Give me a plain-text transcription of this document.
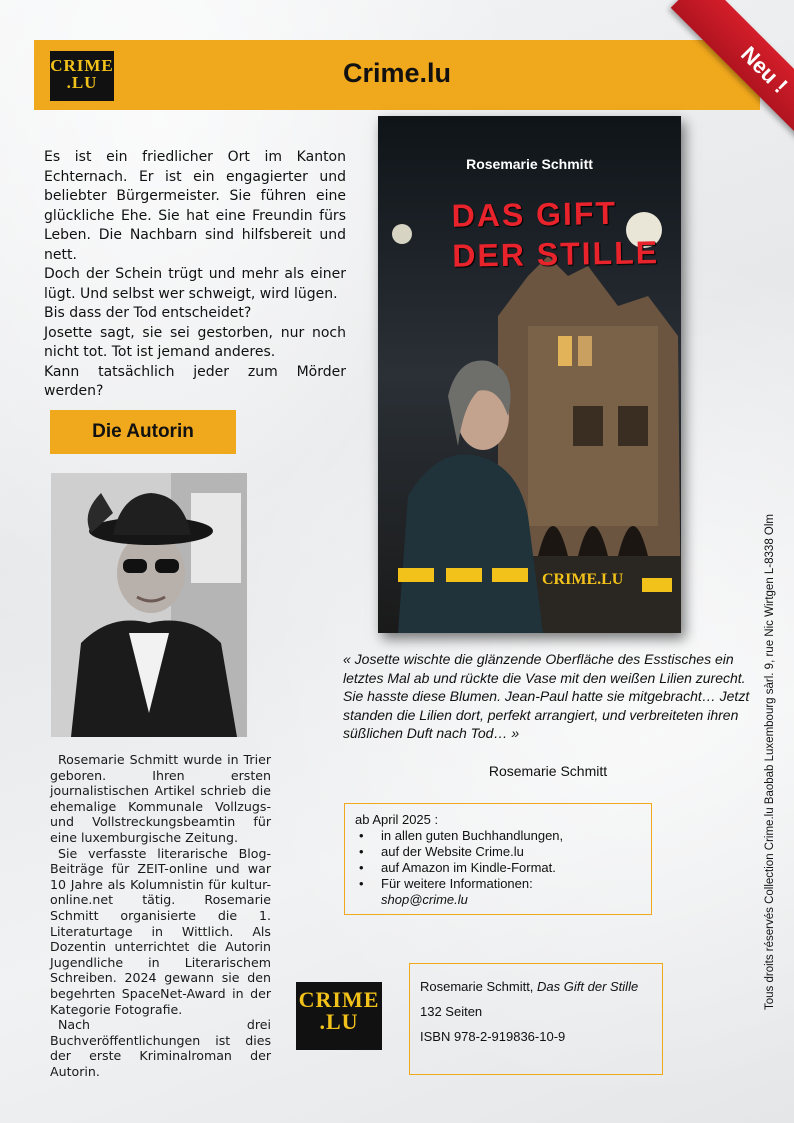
CRIME
.LU	Crime.lu	Neu !

Es ist ein friedlicher Ort im Kanton Echternach. Er ist ein engagierter und beliebter Bürgermeister. Sie führen eine glückliche Ehe. Sie hat eine Freundin fürs Leben. Die Nachbarn sind hilfsbereit und nett.

Doch der Schein trügt und mehr als einer lügt. Und selbst wer schweigt, wird lügen.

Bis dass der Tod entscheidet?

Josette sagt, sie sei gestorben, nur noch nicht tot. Tot ist jemand anderes.

Kann tatsächlich jeder zum Mörder werden?

Die Autorin

Rosemarie Schmitt wurde in Trier geboren. Ihren ersten journalistischen Artikel schrieb die ehemalige Kommunale Vollzugs- und Vollstreckungsbeamtin für eine luxemburgische Zeitung.

Sie verfasste literarische Blog-Beiträge für ZEIT-online und war 10 Jahre als Kolumnistin für kultur-online.net tätig. Rosemarie Schmitt organisierte die 1. Literaturtage in Wittlich. Als Dozentin unterrichtet die Autorin Jugendliche in Literarischem Schreiben. 2024 gewann sie den begehrten SpaceNet-Award in der Kategorie Fotografie.

Nach drei Buchveröffentlichungen ist dies der erste Kriminalroman der Autorin.

Rosemarie Schmitt
DAS GIFT
DER STILLE
CRIME.LU
« Josette wischte die glänzende Oberfläche des Esstisches ein letztes Mal ab und rückte die Vase mit den weißen Lilien zurecht. Sie hasste diese Blumen. Jean-Paul hatte sie mitgebracht… Jetzt standen die Lilien dort, perfekt arrangiert, und verbreiteten ihren süßlichen Duft nach Tod… »
Rosemarie Schmitt
ab April 2025 :
• in allen guten Buchhandlungen,
• auf der Website Crime.lu
• auf Amazon im Kindle-Format.
• Für weitere Informationen:
shop@crime.lu
CRIME
.LU
Rosemarie Schmitt, Das Gift der Stille
132 Seiten
ISBN 978-2-919836-10-9
Tous droits réservés Collection Crime.lu Baobab Luxembourg sàrl. 9, rue Nic Wirtgen L-8338 Olm
